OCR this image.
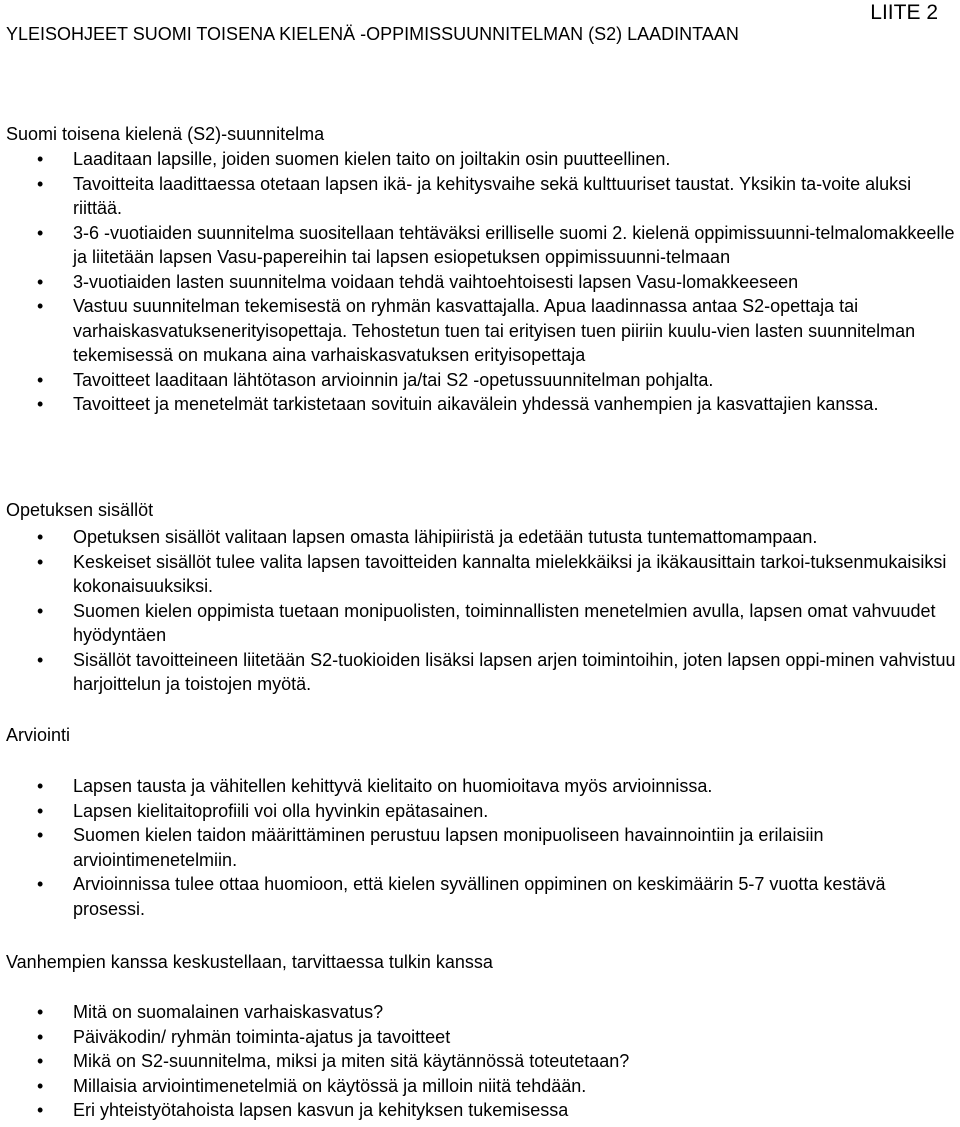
LIITE 2
YLEISOHJEET SUOMI TOISENA KIELENÄ -OPPIMISSUUNNITELMAN (S2) LAADINTAAN
Suomi toisena kielenä (S2)-suunnitelma
• Laaditaan lapsille, joiden suomen kielen taito on joiltakin osin puutteellinen.
• Tavoitteita laadittaessa otetaan lapsen ikä- ja kehitysvaihe sekä kulttuuriset taustat. Yksikin ta-voite aluksi riittää.
• 3-6 -vuotiaiden suunnitelma suositellaan tehtäväksi erilliselle suomi 2. kielenä oppimissuunni-telmalomakkeelle ja liitetään lapsen Vasu-papereihin tai lapsen esiopetuksen oppimissuunni-telmaan
• 3-vuotiaiden lasten suunnitelma voidaan tehdä vaihtoehtoisesti lapsen Vasu-lomakkeeseen
• Vastuu suunnitelman tekemisestä on ryhmän kasvattajalla. Apua laadinnassa antaa S2-opettaja tai varhaiskasvatuksenerityisopettaja. Tehostetun tuen tai erityisen tuen piiriin kuulu-vien lasten suunnitelman tekemisessä on mukana aina varhaiskasvatuksen erityisopettaja
• Tavoitteet laaditaan lähtötason arvioinnin ja/tai S2 -opetussuunnitelman pohjalta.
• Tavoitteet ja menetelmät tarkistetaan sovituin aikavälein yhdessä vanhempien ja kasvattajien kanssa.
Opetuksen sisällöt
• Opetuksen sisällöt valitaan lapsen omasta lähipiiristä ja edetään tutusta tuntemattomampaan.
• Keskeiset sisällöt tulee valita lapsen tavoitteiden kannalta mielekkäiksi ja ikäkausittain tarkoi-tuksenmukaisiksi kokonaisuuksiksi.
• Suomen kielen oppimista tuetaan monipuolisten, toiminnallisten menetelmien avulla, lapsen omat vahvuudet hyödyntäen
• Sisällöt tavoitteineen liitetään S2-tuokioiden lisäksi lapsen arjen toimintoihin, joten lapsen oppi-minen vahvistuu harjoittelun ja toistojen myötä.
Arviointi
• Lapsen tausta ja vähitellen kehittyvä kielitaito on huomioitava myös arvioinnissa.
• Lapsen kielitaitoprofiili voi olla hyvinkin epätasainen.
• Suomen kielen taidon määrittäminen perustuu lapsen monipuoliseen havainnointiin ja erilaisiin arviointimenetelmiin.
• Arvioinnissa tulee ottaa huomioon, että kielen syvällinen oppiminen on keskimäärin 5-7 vuotta kestävä prosessi.
Vanhempien kanssa keskustellaan, tarvittaessa tulkin kanssa
• Mitä on suomalainen varhaiskasvatus?
• Päiväkodin/ ryhmän toiminta-ajatus ja tavoitteet
• Mikä on S2-suunnitelma, miksi ja miten sitä käytännössä toteutetaan?
• Millaisia arviointimenetelmiä on käytössä ja milloin niitä tehdään.
• Eri yhteistyötahoista lapsen kasvun ja kehityksen tukemisessa
